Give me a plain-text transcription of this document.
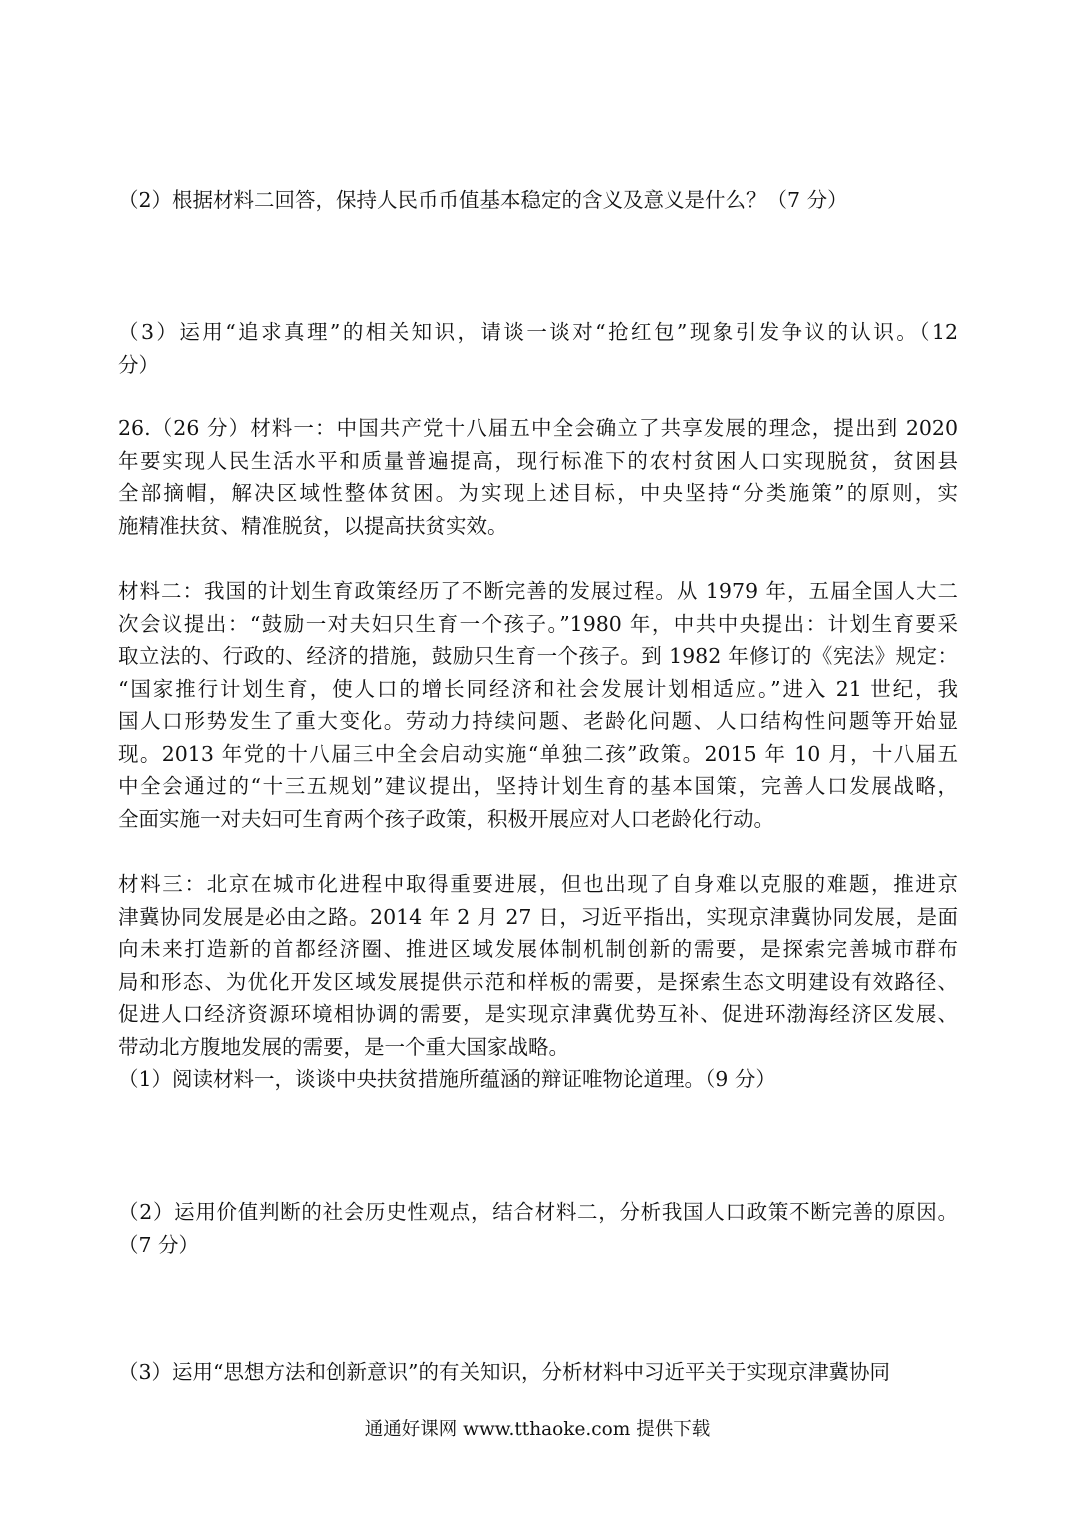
（2）根据材料二回答，保持人民币币值基本稳定的含义及意义是什么？（7 分）
（3）运用“追求真理”的相关知识，请谈一谈对“抢红包”现象引发争议的认识。（12
分）
26.（26 分）材料一：中国共产党十八届五中全会确立了共享发展的理念，提出到 2020
年要实现人民生活水平和质量普遍提高，现行标准下的农村贫困人口实现脱贫，贫困县
全部摘帽，解决区域性整体贫困。为实现上述目标，中央坚持“分类施策”的原则，实
施精准扶贫、精准脱贫，以提高扶贫实效。
材料二：我国的计划生育政策经历了不断完善的发展过程。从 1979 年，五届全国人大二
次会议提出：“鼓励一对夫妇只生育一个孩子。”1980 年，中共中央提出：计划生育要采
取立法的、行政的、经济的措施，鼓励只生育一个孩子。到 1982 年修订的《宪法》规定：
“国家推行计划生育，使人口的增长同经济和社会发展计划相适应。”进入 21 世纪，我
国人口形势发生了重大变化。劳动力持续问题、老龄化问题、人口结构性问题等开始显
现。2013 年党的十八届三中全会启动实施“单独二孩”政策。2015 年 10 月，十八届五
中全会通过的“十三五规划”建议提出，坚持计划生育的基本国策，完善人口发展战略，
全面实施一对夫妇可生育两个孩子政策，积极开展应对人口老龄化行动。
材料三：北京在城市化进程中取得重要进展，但也出现了自身难以克服的难题，推进京
津冀协同发展是必由之路。2014 年 2 月 27 日，习近平指出，实现京津冀协同发展，是面
向未来打造新的首都经济圈、推进区域发展体制机制创新的需要，是探索完善城市群布
局和形态、为优化开发区域发展提供示范和样板的需要，是探索生态文明建设有效路径、
促进人口经济资源环境相协调的需要，是实现京津冀优势互补、促进环渤海经济区发展、
带动北方腹地发展的需要，是一个重大国家战略。
（1）阅读材料一，谈谈中央扶贫措施所蕴涵的辩证唯物论道理。（9 分）
（2）运用价值判断的社会历史性观点，结合材料二，分析我国人口政策不断完善的原因。
（7 分）
（3）运用“思想方法和创新意识”的有关知识，分析材料中习近平关于实现京津冀协同
通通好课网 www.tthaoke.com 提供下载
